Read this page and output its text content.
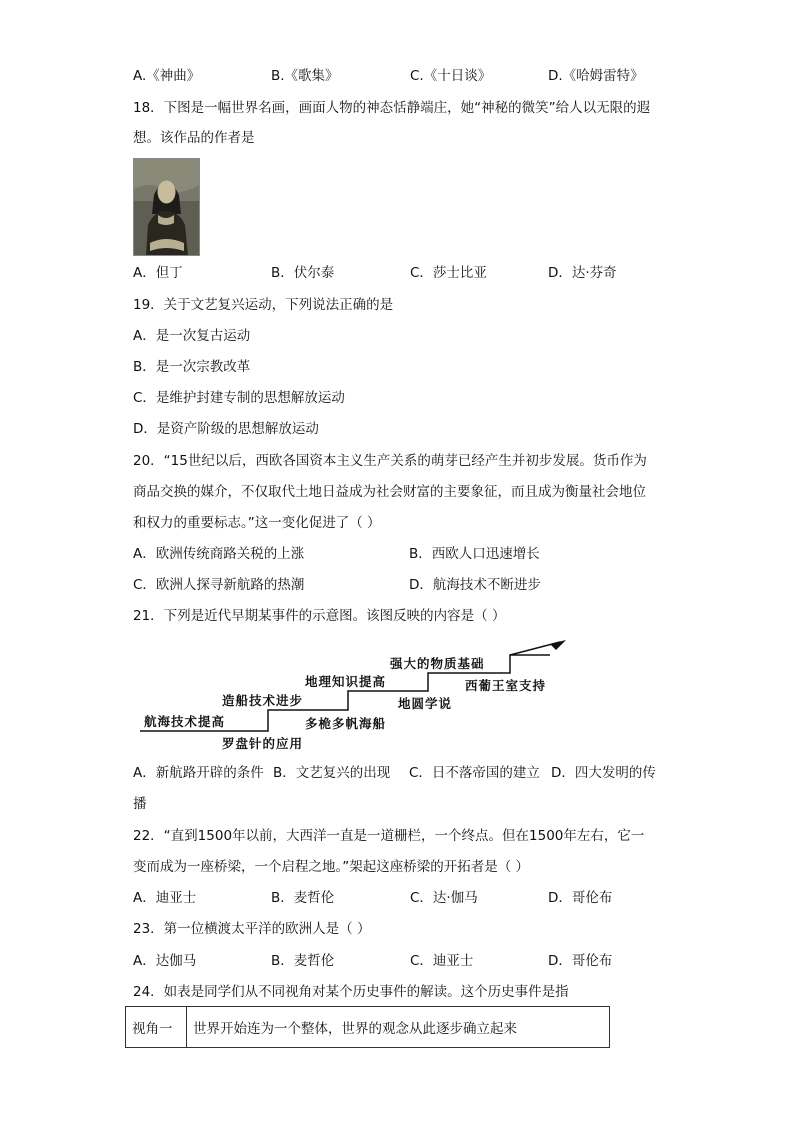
A.《神曲》	B.《歌集》	C.《十日谈》	D.《哈姆雷特》
18．下图是一幅世界名画，画面人物的神态恬静端庄，她“神秘的微笑”给人以无限的遐
想。该作品的作者是
A．但丁	B．伏尔泰	C．莎士比亚	D．达·芬奇
19．关于文艺复兴运动，下列说法正确的是
A．是一次复古运动
B．是一次宗教改革
C．是维护封建专制的思想解放运动
D．是资产阶级的思想解放运动
20．“15世纪以后，西欧各国资本主义生产关系的萌芽已经产生并初步发展。货币作为
商品交换的媒介，不仅取代土地日益成为社会财富的主要象征，而且成为衡量社会地位
和权力的重要标志。”这一变化促进了（ ）
A．欧洲传统商路关税的上涨	B．西欧人口迅速增长
C．欧洲人探寻新航路的热潮	D．航海技术不断进步
21．下列是近代早期某事件的示意图。该图反映的内容是（ ）
航海技术提高
罗盘针的应用
造船技术进步
多桅多帆海船
地理知识提高
地圆学说
强大的物质基础
西葡王室支持
A．新航路开辟的条件 B．文艺复兴的出现 C．日不落帝国的建立 D．四大发明的传
播
22．“直到1500年以前，大西洋一直是一道栅栏，一个终点。但在1500年左右，它一
变而成为一座桥梁，一个启程之地。”架起这座桥梁的开拓者是（ ）
A．迪亚士	B．麦哲伦	C．达·伽马	D．哥伦布
23．第一位横渡太平洋的欧洲人是（ ）
A．达伽马	B．麦哲伦	C．迪亚士	D．哥伦布
24．如表是同学们从不同视角对某个历史事件的解读。这个历史事件是指
视角一	世界开始连为一个整体，世界的观念从此逐步确立起来
